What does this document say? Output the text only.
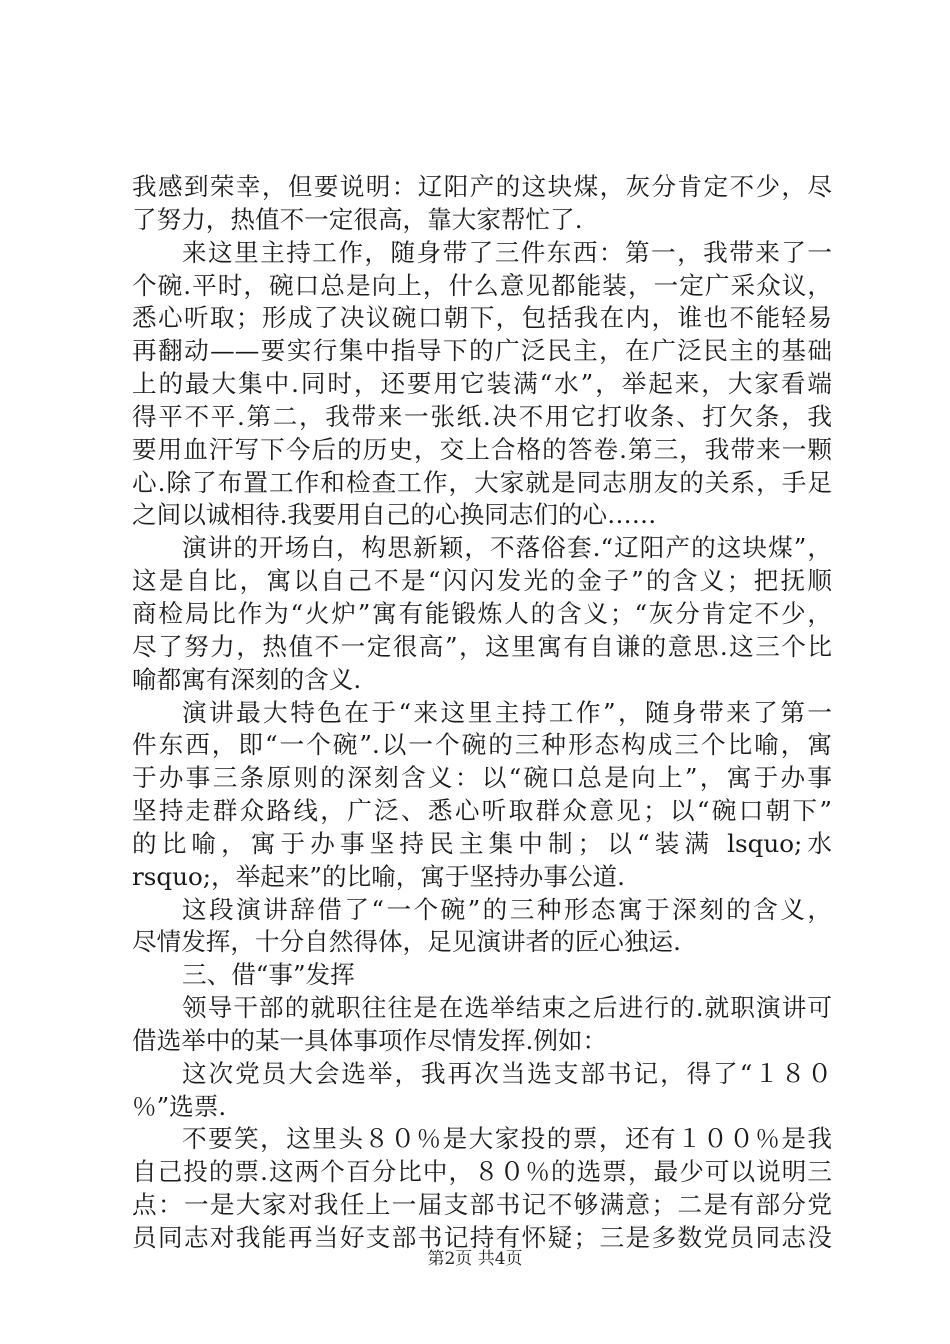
我感到荣幸，但要说明：辽阳产的这块煤，灰分肯定不少，尽
了努力，热值不一定很高，靠大家帮忙了.
来这里主持工作，随身带了三件东西：第一，我带来了一
个碗.平时，碗口总是向上，什么意见都能装，一定广采众议，
悉心听取；形成了决议碗口朝下，包括我在内，谁也不能轻易
再翻动——要实行集中指导下的广泛民主，在广泛民主的基础
上的最大集中.同时，还要用它装满“水”，举起来，大家看端
得平不平.第二，我带来一张纸.决不用它打收条、打欠条，我
要用血汗写下今后的历史，交上合格的答卷.第三，我带来一颗
心.除了布置工作和检查工作，大家就是同志朋友的关系，手足
之间以诚相待.我要用自己的心换同志们的心……
演讲的开场白，构思新颖，不落俗套.“辽阳产的这块煤”，
这是自比，寓以自己不是“闪闪发光的金子”的含义；把抚顺
商检局比作为“火炉”寓有能锻炼人的含义；“灰分肯定不少，
尽了努力，热值不一定很高”，这里寓有自谦的意思.这三个比
喻都寓有深刻的含义.
演讲最大特色在于“来这里主持工作”，随身带来了第一
件东西，即“一个碗”.以一个碗的三种形态构成三个比喻，寓
于办事三条原则的深刻含义：以“碗口总是向上”，寓于办事
坚持走群众路线，广泛、悉心听取群众意见；以“碗口朝下”
的比喻，寓于办事坚持民主集中制；以“装满 lsquo;水
rsquo;，举起来”的比喻，寓于坚持办事公道.
这段演讲辞借了“一个碗”的三种形态寓于深刻的含义，
尽情发挥，十分自然得体，足见演讲者的匠心独运.
三、借“事”发挥
领导干部的就职往往是在选举结束之后进行的.就职演讲可
借选举中的某一具体事项作尽情发挥.例如：
这次党员大会选举，我再次当选支部书记，得了“１８０
％”选票.
不要笑，这里头８０％是大家投的票，还有１００％是我
自己投的票.这两个百分比中，８０％的选票，最少可以说明三
点：一是大家对我任上一届支部书记不够满意；二是有部分党
员同志对我能再当好支部书记持有怀疑；三是多数党员同志没
第2页 共4页
